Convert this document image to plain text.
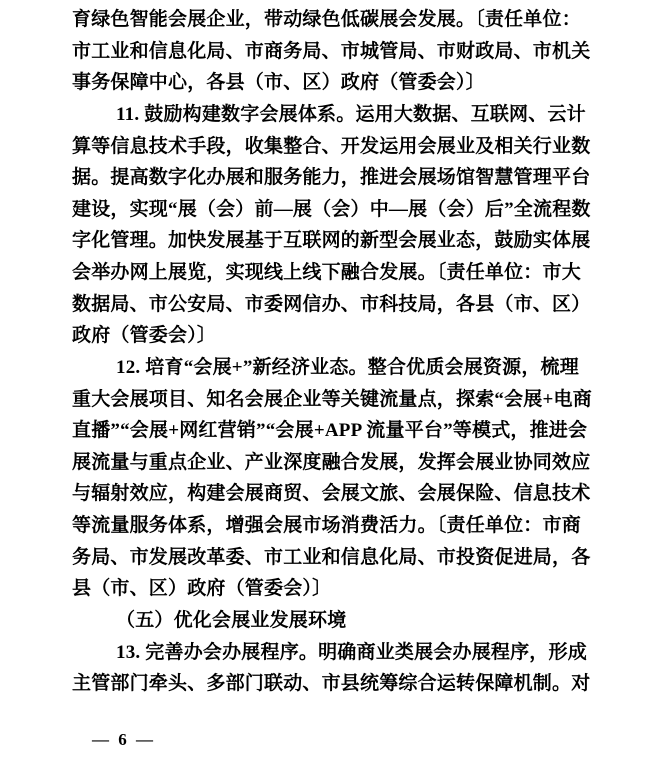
育绿色智能会展企业，带动绿色低碳展会发展。〔责任单位：
市工业和信息化局、市商务局、市城管局、市财政局、市机关
事务保障中心，各县（市、区）政府（管委会）〕
11. 鼓励构建数字会展体系。运用大数据、互联网、云计
算等信息技术手段，收集整合、开发运用会展业及相关行业数
据。提高数字化办展和服务能力，推进会展场馆智慧管理平台
建设，实现“展（会）前—展（会）中—展（会）后”全流程数
字化管理。加快发展基于互联网的新型会展业态，鼓励实体展
会举办网上展览，实现线上线下融合发展。〔责任单位：市大
数据局、市公安局、市委网信办、市科技局，各县（市、区）
政府（管委会）〕
12. 培育“会展+”新经济业态。整合优质会展资源，梳理
重大会展项目、知名会展企业等关键流量点，探索“会展+电商
直播”“会展+网红营销”“会展+APP 流量平台”等模式，推进会
展流量与重点企业、产业深度融合发展，发挥会展业协同效应
与辐射效应，构建会展商贸、会展文旅、会展保险、信息技术
等流量服务体系，增强会展市场消费活力。〔责任单位：市商
务局、市发展改革委、市工业和信息化局、市投资促进局，各
县（市、区）政府（管委会）〕
（五）优化会展业发展环境
13. 完善办会办展程序。明确商业类展会办展程序，形成
主管部门牵头、多部门联动、市县统筹综合运转保障机制。对
— 6 —
